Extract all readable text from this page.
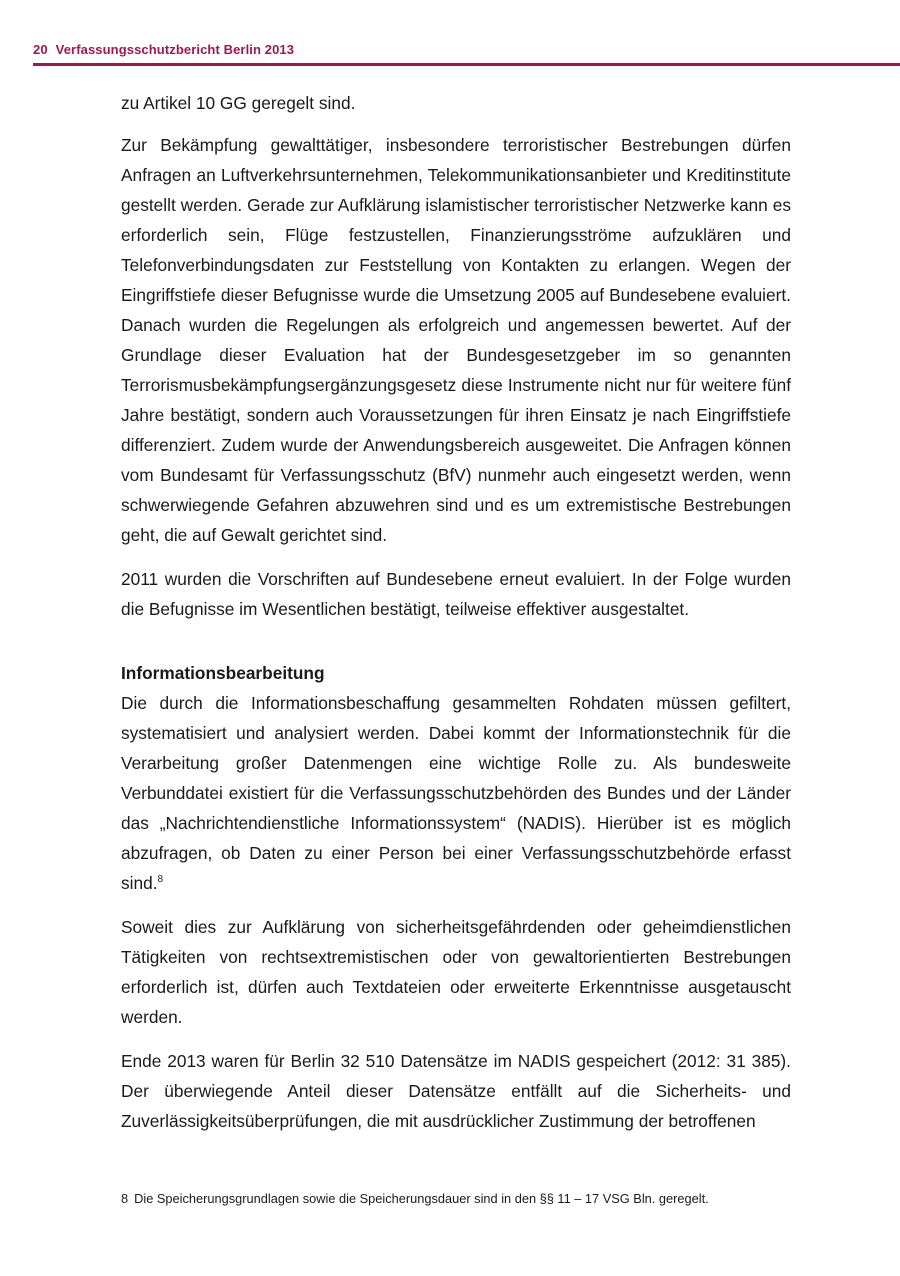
20 Verfassungsschutzbericht Berlin 2013

zu Artikel 10 GG geregelt sind.

Zur Bekämpfung gewalttätiger, insbesondere terroristischer Bestrebungen dürfen Anfragen an Luftverkehrsunternehmen, Telekommunikationsanbieter und Kreditinstitute gestellt werden. Gerade zur Aufklärung islamistischer terroristischer Netzwerke kann es erforderlich sein, Flüge festzustellen, Finanzierungsströme aufzuklären und Telefonverbindungsdaten zur Feststellung von Kontakten zu erlangen. Wegen der Eingriffstiefe dieser Befugnisse wurde die Umsetzung 2005 auf Bundesebene evaluiert. Danach wurden die Regelungen als erfolgreich und angemessen bewertet. Auf der Grundlage dieser Evaluation hat der Bundesgesetzgeber im so genannten Terrorismusbekämpfungsergänzungsgesetz diese Instrumente nicht nur für weitere fünf Jahre bestätigt, sondern auch Voraussetzungen für ihren Einsatz je nach Eingriffstiefe differenziert. Zudem wurde der Anwendungsbereich ausgeweitet. Die Anfragen können vom Bundesamt für Verfassungsschutz (BfV) nunmehr auch eingesetzt werden, wenn schwerwiegende Gefahren abzuwehren sind und es um extremistische Bestrebungen geht, die auf Gewalt gerichtet sind.

2011 wurden die Vorschriften auf Bundesebene erneut evaluiert. In der Folge wurden die Befugnisse im Wesentlichen bestätigt, teilweise effektiver ausgestaltet.

Informationsbearbeitung

Die durch die Informationsbeschaffung gesammelten Rohdaten müssen gefiltert, systematisiert und analysiert werden. Dabei kommt der Informationstechnik für die Verarbeitung großer Datenmengen eine wichtige Rolle zu. Als bundesweite Verbunddatei existiert für die Verfassungsschutzbehörden des Bundes und der Länder das „Nachrichtendienstliche Informationssystem“ (NADIS). Hierüber ist es möglich abzufragen, ob Daten zu einer Person bei einer Verfassungsschutzbehörde erfasst sind.$^8$

Soweit dies zur Aufklärung von sicherheitsgefährdenden oder geheimdienstlichen Tätigkeiten von rechtsextremistischen oder von gewaltorientierten Bestrebungen erforderlich ist, dürfen auch Textdateien oder erweiterte Erkenntnisse ausgetauscht werden.

Ende 2013 waren für Berlin 32 510 Datensätze im NADIS gespeichert (2012: 31 385). Der überwiegende Anteil dieser Datensätze entfällt auf die Sicherheits- und Zuverlässigkeitsüberprüfungen, die mit ausdrücklicher Zustimmung der betroffenen

8 Die Speicherungsgrundlagen sowie die Speicherungsdauer sind in den §§ 11 – 17 VSG Bln. geregelt.
